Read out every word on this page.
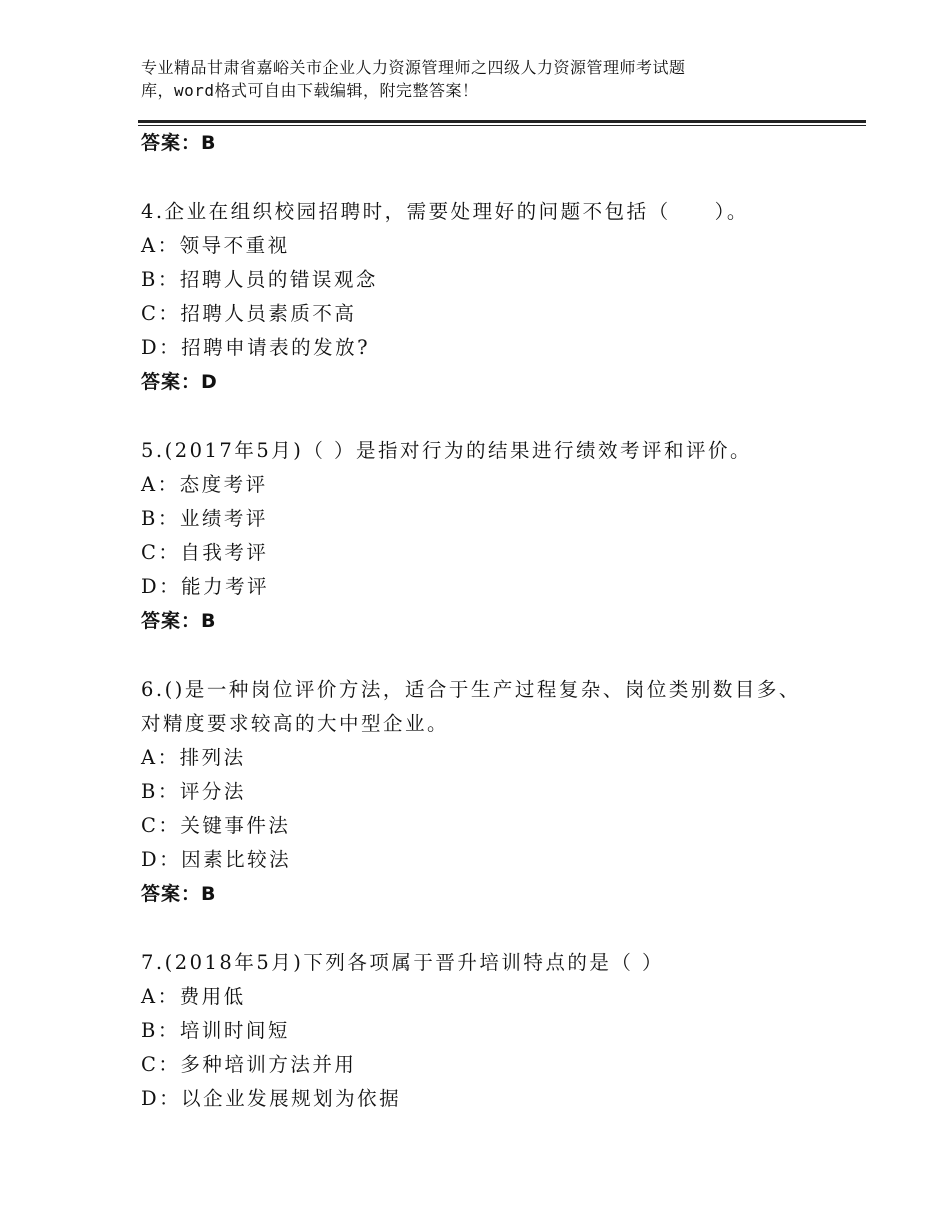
专业精品甘肃省嘉峪关市企业人力资源管理师之四级人力资源管理师考试题
库，word格式可自由下载编辑，附完整答案！
答案：B
4.企业在组织校园招聘时，需要处理好的问题不包括（　　）。
A：领导不重视
B：招聘人员的错误观念
C：招聘人员素质不高
D：招聘申请表的发放?
答案：D
5.(2017年5月)（ ）是指对行为的结果进行绩效考评和评价。
A：态度考评
B：业绩考评
C：自我考评
D：能力考评
答案：B
6.()是一种岗位评价方法，适合于生产过程复杂、岗位类别数目多、
对精度要求较高的大中型企业。
A：排列法
B：评分法
C：关键事件法
D：因素比较法
答案：B
7.(2018年5月)下列各项属于晋升培训特点的是（ ）
A：费用低
B：培训时间短
C：多种培训方法并用
D：以企业发展规划为依据
